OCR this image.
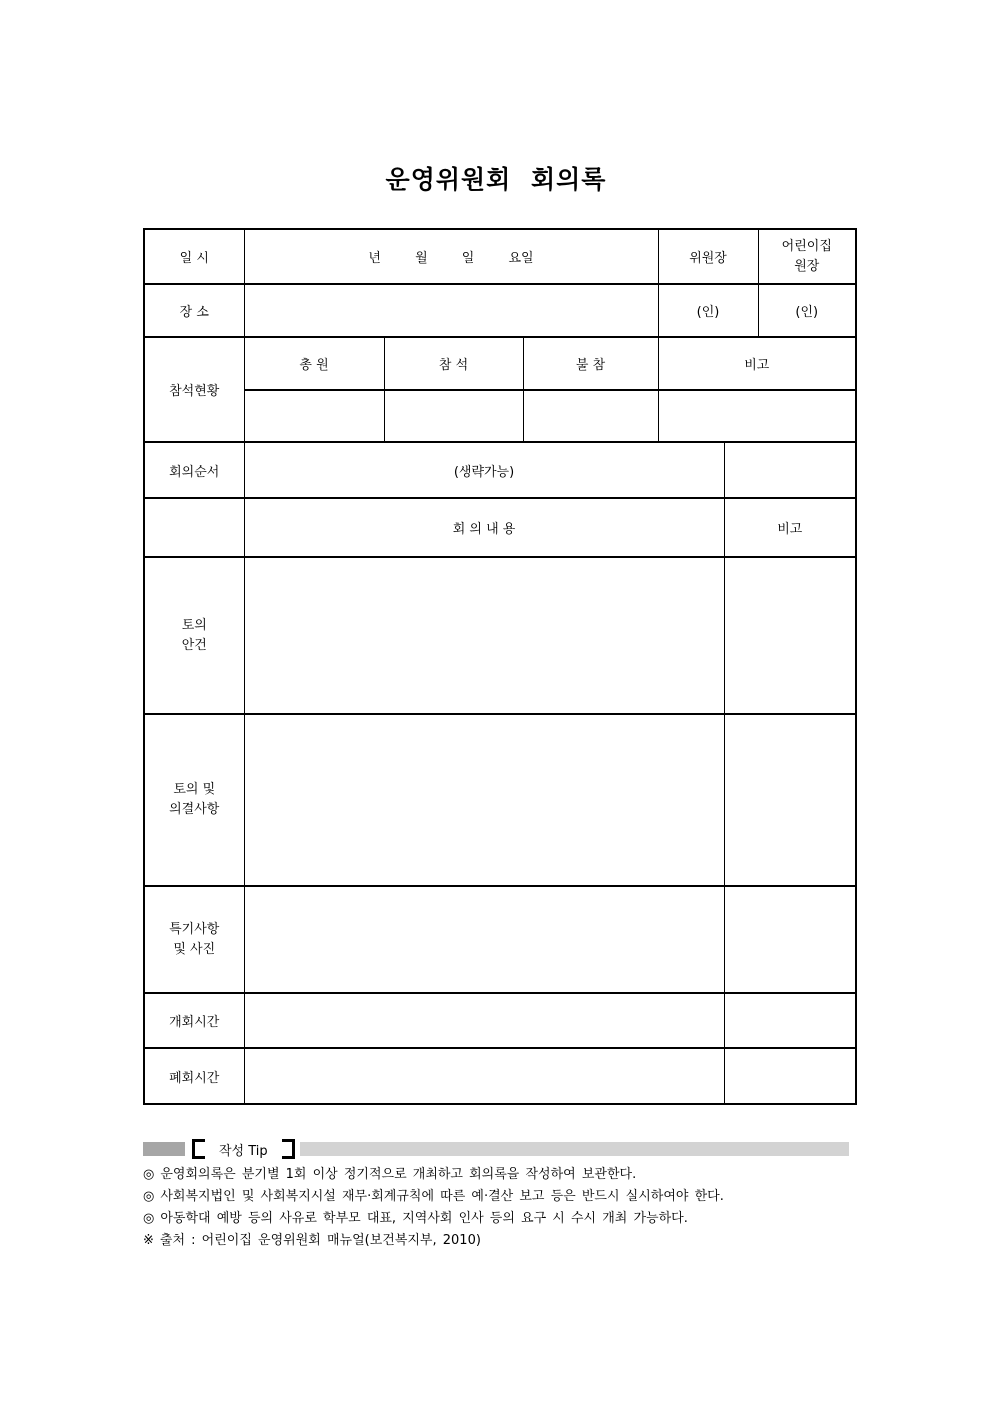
운영위원회 회의록
일 시	년 월 일 요일			위원장		어린이집
원장

장 소				(인)		(인)
참석현황	총 원	참 석	불 참	비고		

회의순서	(생략가능)					
	회 의 내 용				비고	

토의
안건						

토의 및
의결사항						

특기사항
및 사진						

개회시간						
폐회시간						
작성 Tip
◎ 운영회의록은 분기별 1회 이상 정기적으로 개최하고 회의록을 작성하여 보관한다.
◎ 사회복지법인 및 사회복지시설 재무·회계규칙에 따른 예·결산 보고 등은 반드시 실시하여야 한다.
◎ 아동학대 예방 등의 사유로 학부모 대표, 지역사회 인사 등의 요구 시 수시 개최 가능하다.
※ 출처 : 어린이집 운영위원회 매뉴얼(보건복지부, 2010)
